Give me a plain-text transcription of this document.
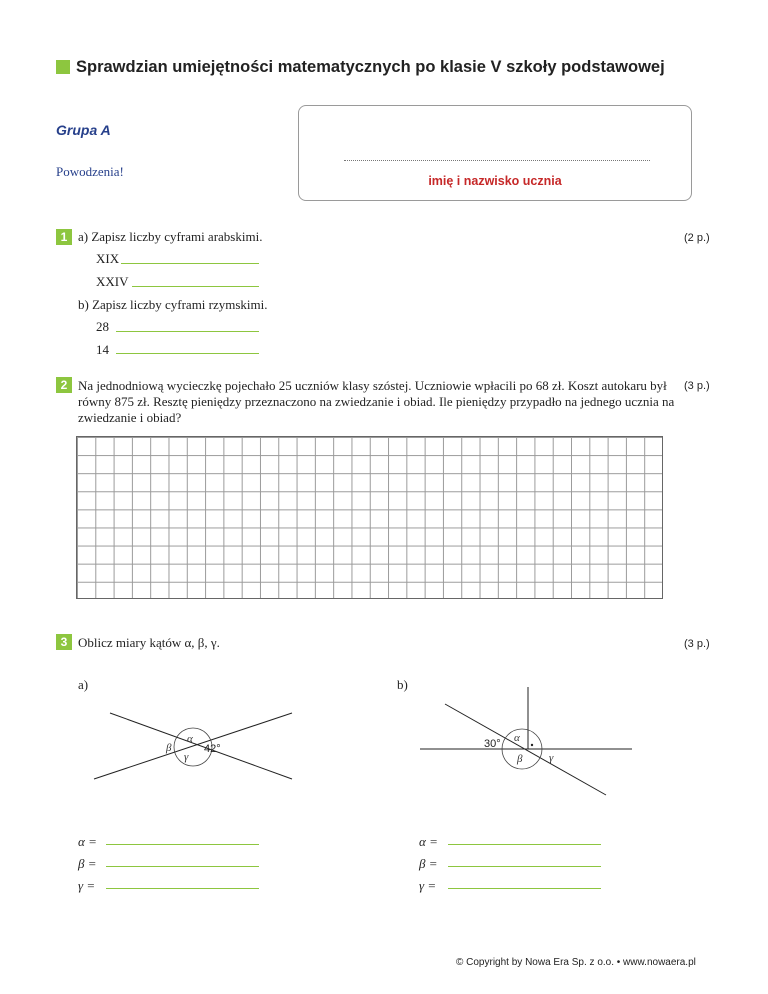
Sprawdzian umiejętności matematycznych po klasie V szkoły podstawowej
Grupa A
Powodzenia!
imię i nazwisko ucznia
1 a) Zapisz liczby cyframi arabskimi.	(2 p.)
XIX
XXIV
b) Zapisz liczby cyframi rzymskimi.
28
14
2 Na jednodniową wycieczkę pojechało 25 uczniów klasy szóstej. Uczniowie wpłacili po 68 zł. Koszt autokaru był równy 875 zł. Resztę pieniędzy przeznaczono na zwiedzanie i obiad. Ile pieniędzy przypadło na jednego ucznia na zwiedzanie i obiad?
(3 p.)
3 Oblicz miary kątów α, β, γ.	(3 p.)
a)	b)
α
β
γ
42°	30° α
β γ
α =
β =
γ =
α =
β =
γ =
© Copyright by Nowa Era Sp. z o.o. • www.nowaera.pl
